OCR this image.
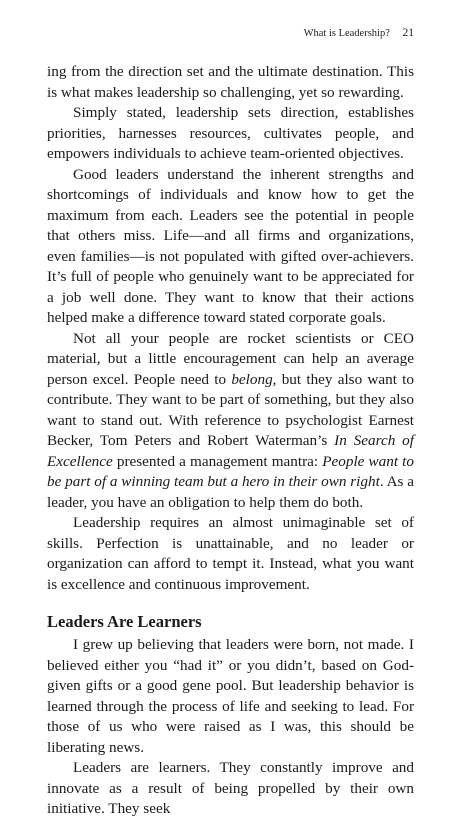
What is Leadership? 21

ing from the direction set and the ultimate destination. This is what makes leadership so challenging, yet so rewarding.

Simply stated, leadership sets direction, establishes priorities, harnesses resources, cultivates people, and empowers individuals to achieve team-oriented objectives.

Good leaders understand the inherent strengths and shortcomings of individuals and know how to get the maximum from each. Leaders see the potential in people that others miss. Life—and all firms and organizations, even families—is not populated with gifted over-achievers. It’s full of people who genuinely want to be appreciated for a job well done. They want to know that their actions helped make a difference toward stated corporate goals.

Not all your people are rocket scientists or CEO material, but a little encouragement can help an average person excel. People need to belong, but they also want to contribute. They want to be part of something, but they also want to stand out. With reference to psychologist Earnest Becker, Tom Peters and Robert Waterman’s In Search of Excellence presented a management mantra: People want to be part of a winning team but a hero in their own right. As a leader, you have an obligation to help them do both.

Leadership requires an almost unimaginable set of skills. Perfection is unattainable, and no leader or organization can afford to tempt it. Instead, what you want is excellence and continuous improvement.

Leaders Are Learners

I grew up believing that leaders were born, not made. I believed either you “had it” or you didn’t, based on God-given gifts or a good gene pool. But leadership behavior is learned through the process of life and seeking to lead. For those of us who were raised as I was, this should be liberating news.

Leaders are learners. They constantly improve and innovate as a result of being propelled by their own initiative. They seek
